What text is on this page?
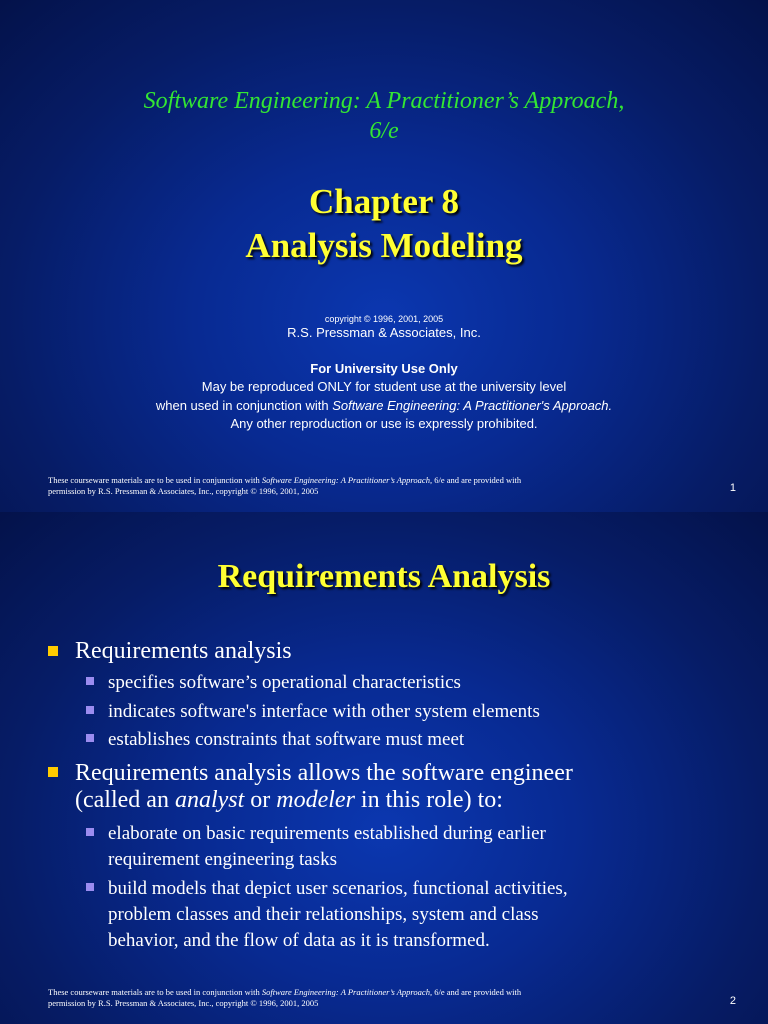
Software Engineering: A Practitioner’s Approach,
6/e
Chapter 8
Analysis Modeling
copyright © 1996, 2001, 2005
R.S. Pressman & Associates, Inc.
For University Use Only
May be reproduced ONLY for student use at the university level
when used in conjunction with Software Engineering: A Practitioner's Approach.
Any other reproduction or use is expressly prohibited.
These courseware materials are to be used in conjunction with Software Engineering: A Practitioner’s Approach, 6/e and are provided with
permission by R.S. Pressman & Associates, Inc., copyright © 1996, 2001, 2005	1
Requirements Analysis
Requirements analysis
specifies software’s operational characteristics
indicates software's interface with other system elements
establishes constraints that software must meet
Requirements analysis allows the software engineer
(called an analyst or modeler in this role) to:
elaborate on basic requirements established during earlier
requirement engineering tasks
build models that depict user scenarios, functional activities,
problem classes and their relationships, system and class
behavior, and the flow of data as it is transformed.
These courseware materials are to be used in conjunction with Software Engineering: A Practitioner’s Approach, 6/e and are provided with
permission by R.S. Pressman & Associates, Inc., copyright © 1996, 2001, 2005	2
